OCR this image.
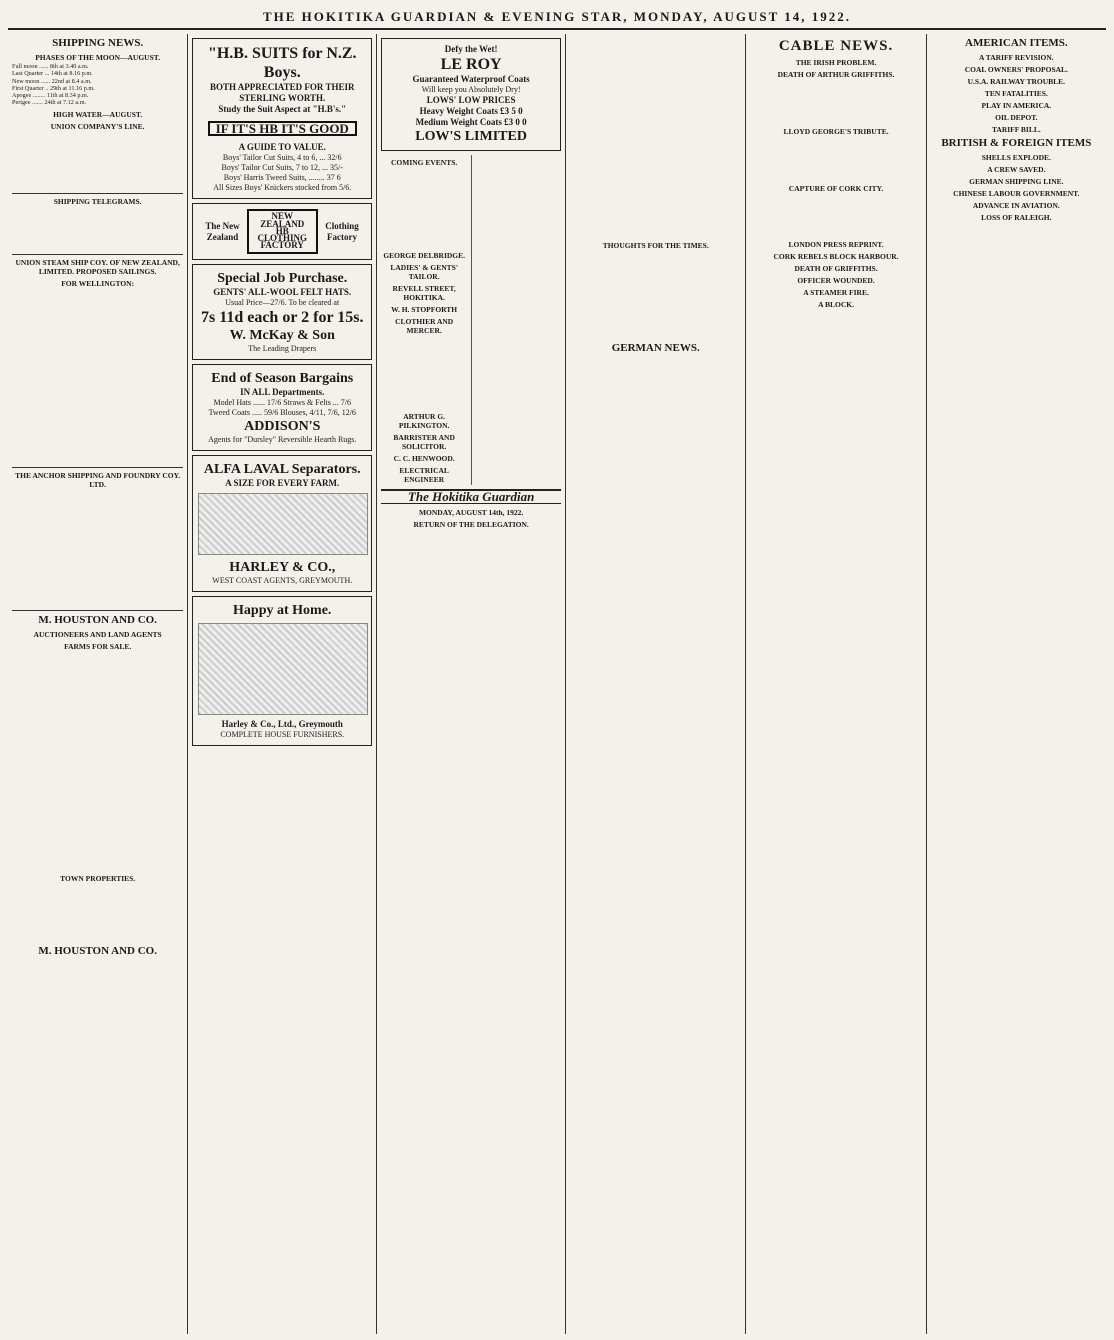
THE HOKITIKA GUARDIAN & EVENING STAR, MONDAY, AUGUST 14, 1922.
SHIPPING NEWS.
PHASES OF THE MOON—AUGUST.
Full moon ...... 8th at 3.40 a.m.
Last Quarter ... 14th at 8.16 p.m.
New moon ...... 22nd at 8.4 a.m.
First Quarter .. 29th at 11.16 p.m.
Apogee ........ 11th at 8.34 p.m.
Perigee ....... 24th at 7.12 a.m.
HIGH WATER—AUGUST.
UNION COMPANY'S LINE.

SHIPPING TELEGRAMS.

UNION STEAM SHIP COY. OF NEW ZEALAND, LIMITED. PROPOSED SAILINGS.
FOR WELLINGTON:

THE ANCHOR SHIPPING AND FOUNDRY COY. LTD.

M. HOUSTON AND CO.
AUCTIONEERS AND LAND AGENTS
FARMS FOR SALE.

TOWN PROPERTIES.

M. HOUSTON AND CO.

"H.B. SUITS for N.Z. Boys.
BOTH APPRECIATED FOR THEIR STERLING WORTH.
Study the Suit Aspect at "H.B's."
IF IT'S HB IT'S GOOD
A GUIDE TO VALUE.
Boys' Tailor Cut Suits, 4 to 6, ... 32/6
Boys' Tailor Cut Suits, 7 to 12, ... 35/-
Boys' Harris Tweed Suits, ........ 37 6
All Sizes Boys' Knickers stocked from 5/6.
The New Zealand
NEW ZEALAND HB CLOTHING FACTORY
Clothing Factory
Special Job Purchase.
GENTS' ALL-WOOL FELT HATS.
Usual Price—27/6. To be cleared at
7s 11d each or 2 for 15s.
W. McKay & Son
The Leading Drapers
End of Season Bargains
IN ALL Departments.
Model Hats ...... 17/6 Straws & Felts ... 7/6
Tweed Coats ..... 59/6 Blouses, 4/11, 7/6, 12/6
ADDISON'S
Agents for "Dursley" Reversible Hearth Rugs.
ALFA LAVAL Separators.
A SIZE FOR EVERY FARM.
HARLEY & CO.,
WEST COAST AGENTS, GREYMOUTH.
Happy at Home.
Harley & Co., Ltd., Greymouth
COMPLETE HOUSE FURNISHERS.
Defy the Wet!
LE ROY
Guaranteed Waterproof Coats
Will keep you Absolutely Dry!
LOWS' LOW PRICES
Heavy Weight Coats £3 5 0
Medium Weight Coats £3 0 0
LOW'S LIMITED
COMING EVENTS.

GEORGE DELBRIDGE.
LADIES' & GENTS' TAILOR.
REVELL STREET, HOKITIKA.
W. H. STOPFORTH
CLOTHIER AND MERCER.

ARTHUR G. PILKINGTON.
BARRISTER AND SOLICITOR.
C. C. HENWOOD.
ELECTRICAL ENGINEER

The Hokitika Guardian
MONDAY, AUGUST 14th, 1922.
RETURN OF THE DELEGATION.

THOUGHTS FOR THE TIMES.

GERMAN NEWS.

CABLE NEWS.
THE IRISH PROBLEM.
DEATH OF ARTHUR GRIFFITHS.

LLOYD GEORGE'S TRIBUTE.

CAPTURE OF CORK CITY.

LONDON PRESS REPRINT.
CORK REBELS BLOCK HARBOUR.
DEATH OF GRIFFITHS.
OFFICER WOUNDED.
A STEAMER FIRE.
A BLOCK.
AMERICAN ITEMS.
A TARIFF REVISION.
COAL OWNERS' PROPOSAL.
U.S.A. RAILWAY TROUBLE.
TEN FATALITIES.
PLAY IN AMERICA.
OIL DEPOT.
TARIFF BILL.
BRITISH & FOREIGN ITEMS
SHELLS EXPLODE.
A CREW SAVED.
GERMAN SHIPPING LINE.
CHINESE LABOUR GOVERNMENT.
ADVANCE IN AVIATION.
LOSS OF RALEIGH.
